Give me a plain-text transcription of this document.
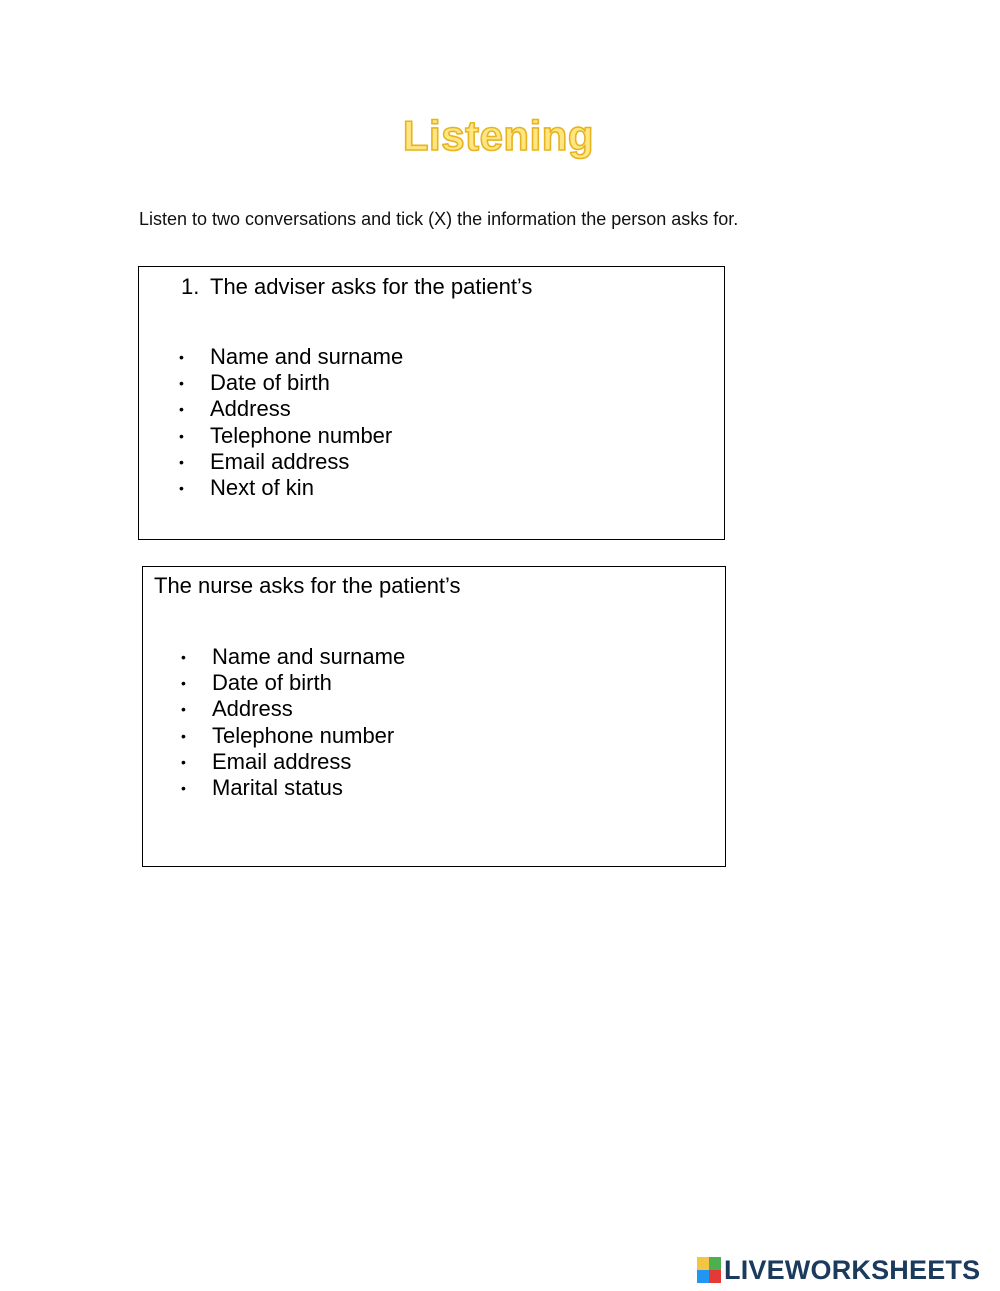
Listening
Listen to two conversations and tick (X) the information the person asks for.
1. The adviser asks for the patient’s
• Name and surname
• Date of birth
• Address
• Telephone number
• Email address
• Next of kin
The nurse asks for the patient’s
• Name and surname
• Date of birth
• Address
• Telephone number
• Email address
• Marital status
LIVEWORKSHEETS
